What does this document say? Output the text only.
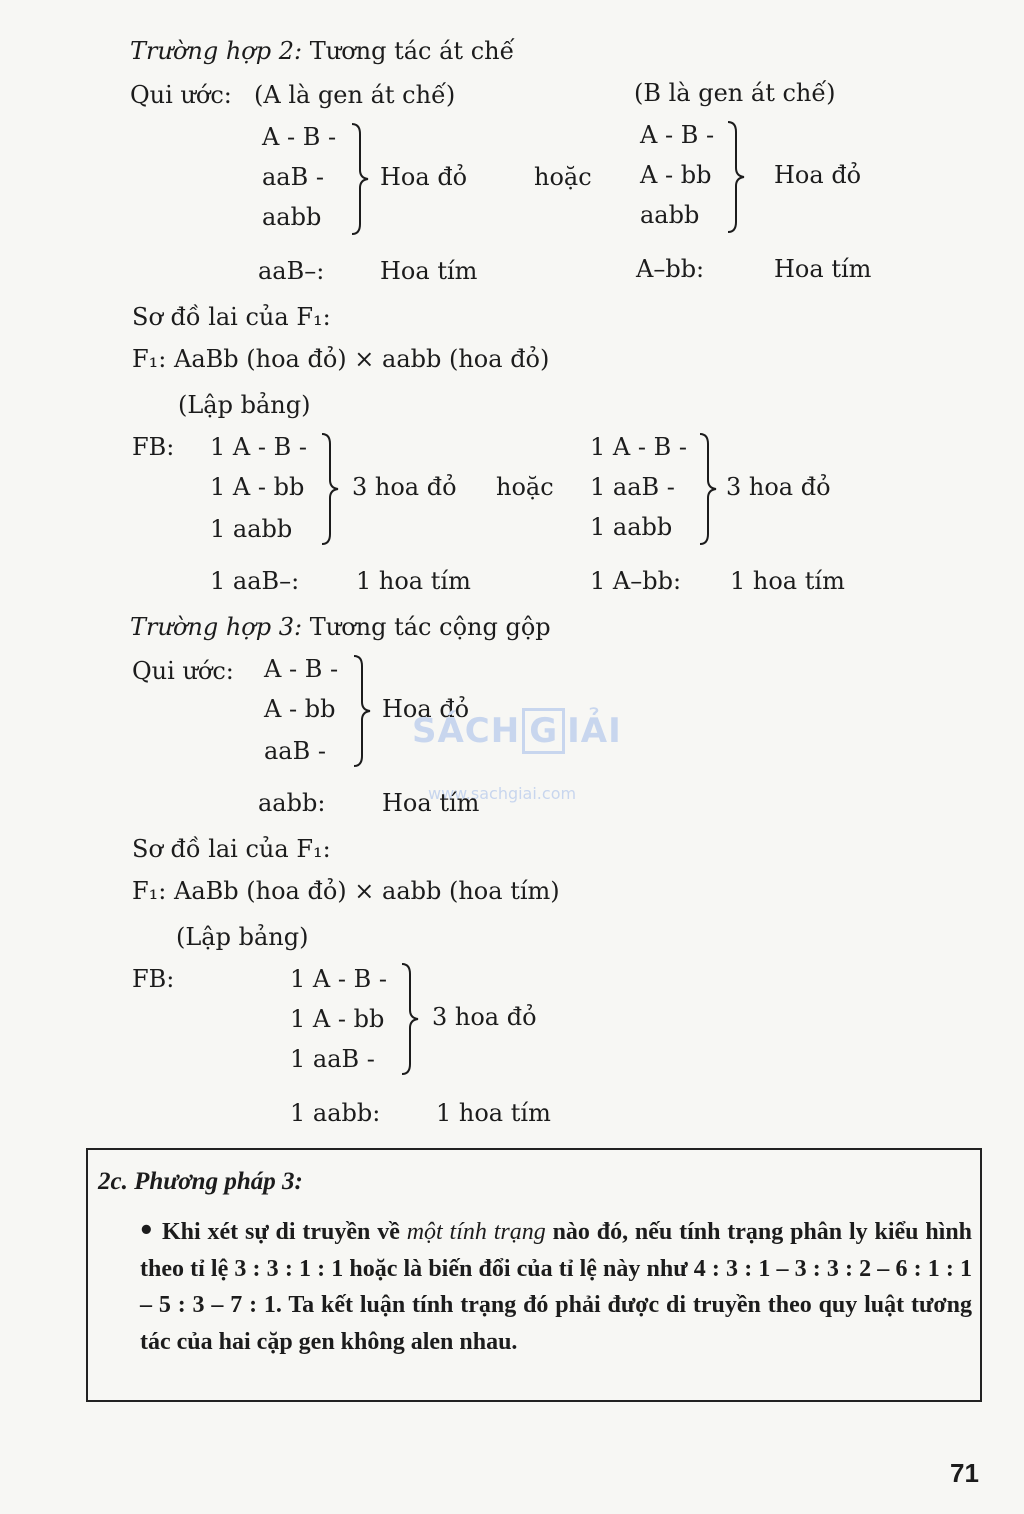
Trường hợp 2: Tương tác át chế
Qui ước: (A là gen át chế)	(B là gen át chế)
A - B -
aaB -
aabb
Hoa đỏ	hoặc
A - B -
A - bb
aabb
Hoa đỏ
aaB–: Hoa tím	A–bb:	Hoa tím
Sơ đồ lai của F₁:
F₁: AaBb (hoa đỏ) × aabb (hoa đỏ)
(Lập bảng)
FB: 1 A - B -
1 A - bb
1 aabb
3 hoa đỏ hoặc
1 A - B -
1 aaB -
1 aabb
3 hoa đỏ
1 aaB–: 1 hoa tím	1 A–bb: 1 hoa tím
Trường hợp 3: Tương tác cộng gộp
Qui ước: A - B -
A - bb
aaB -
Hoa đỏ
SÁCH G IẢI
www.sachgiai.com
aabb: Hoa tím
Sơ đồ lai của F₁:
F₁: AaBb (hoa đỏ) × aabb (hoa tím)
(Lập bảng)
FB:	1 A - B -
1 A - bb
1 aaB -
3 hoa đỏ
1 aabb: 1 hoa tím
2c. Phương pháp 3:
• Khi xét sự di truyền về một tính trạng nào đó, nếu tính trạng phân ly kiểu hình theo tỉ lệ 3 : 3 : 1 : 1 hoặc là biến đổi của tỉ lệ này như 4 : 3 : 1 – 3 : 3 : 2 – 6 : 1 : 1 – 5 : 3 – 7 : 1. Ta kết luận tính trạng đó phải được di truyền theo quy luật tương tác của hai cặp gen không alen nhau.
71
